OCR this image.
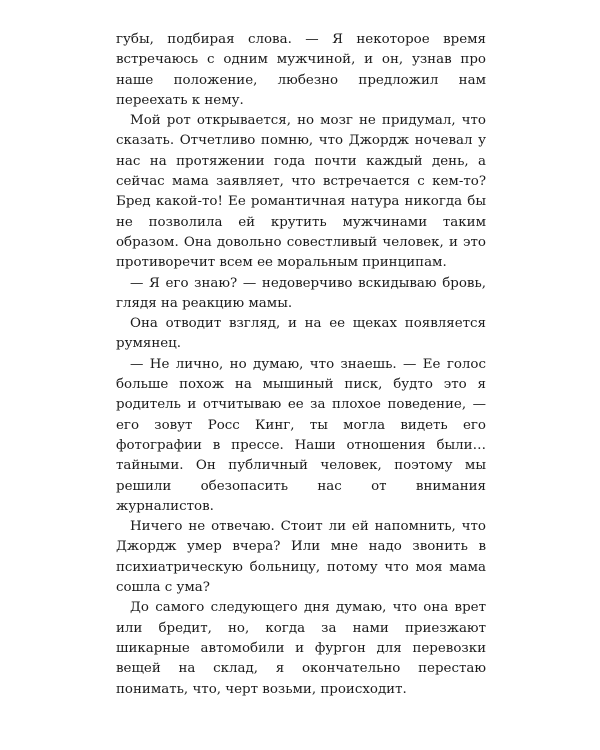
губы, подбирая слова. — Я некоторое время встречаюсь с одним мужчиной, и он, узнав про наше положение, любезно предложил нам переехать к нему.

Мой рот открывается, но мозг не придумал, что сказать. Отчетливо помню, что Джордж ночевал у нас на протяжении года почти каждый день, а сейчас мама заявляет, что встречается с кем-то? Бред какой-то! Ее романтичная натура никогда бы не позволила ей крутить мужчинами таким образом. Она довольно совестливый человек, и это противоречит всем ее моральным принципам.

— Я его знаю? — недоверчиво вскидываю бровь, глядя на реакцию мамы.

Она отводит взгляд, и на ее щеках появляется румянец.

— Не лично, но думаю, что знаешь. — Ее голос больше похож на мышиный писк, будто это я родитель и отчитываю ее за плохое поведение, — его зовут Росс Кинг, ты могла видеть его фотографии в прессе. Наши отношения были… тайными. Он публичный человек, поэтому мы решили обезопасить нас от внимания журналистов.

Ничего не отвечаю. Стоит ли ей напомнить, что Джордж умер вчера? Или мне надо звонить в психиатрическую больницу, потому что моя мама сошла с ума?

До самого следующего дня думаю, что она врет или бредит, но, когда за нами приезжают шикарные автомобили и фургон для перевозки вещей на склад, я окончательно перестаю понимать, что, черт возьми, происходит.
